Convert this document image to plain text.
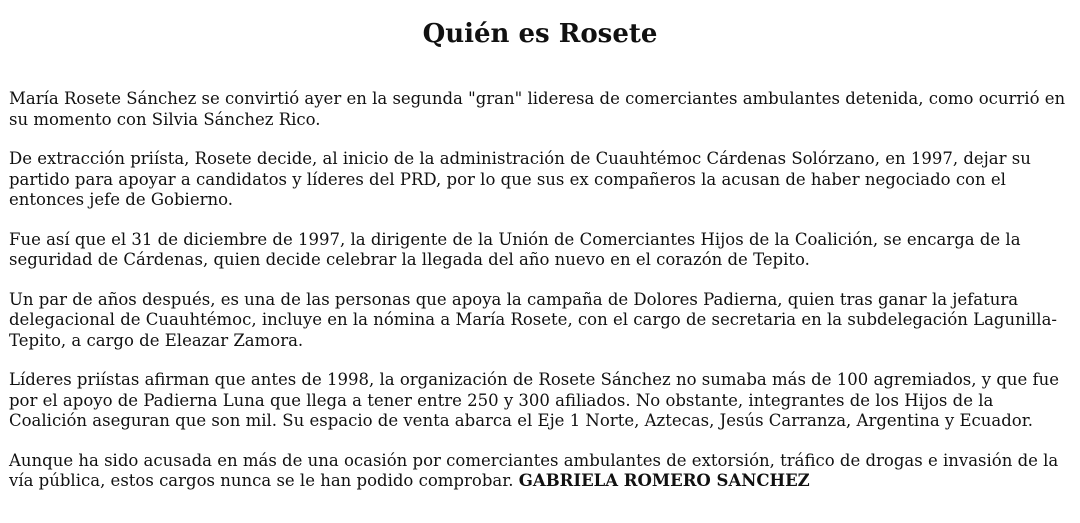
Quién es Rosete

María Rosete Sánchez se convirtió ayer en la segunda "gran" lideresa de comerciantes ambulantes detenida, como ocurrió en su momento con Silvia Sánchez Rico.

De extracción priísta, Rosete decide, al inicio de la administración de Cuauhtémoc Cárdenas Solórzano, en 1997, dejar su partido para apoyar a candidatos y líderes del PRD, por lo que sus ex compañeros la acusan de haber negociado con el entonces jefe de Gobierno.

Fue así que el 31 de diciembre de 1997, la dirigente de la Unión de Comerciantes Hijos de la Coalición, se encarga de la seguridad de Cárdenas, quien decide celebrar la llegada del año nuevo en el corazón de Tepito.

Un par de años después, es una de las personas que apoya la campaña de Dolores Padierna, quien tras ganar la jefatura delegacional de Cuauhtémoc, incluye en la nómina a María Rosete, con el cargo de secretaria en la subdelegación Lagunilla-Tepito, a cargo de Eleazar Zamora.

Líderes priístas afirman que antes de 1998, la organización de Rosete Sánchez no sumaba más de 100 agremiados, y que fue por el apoyo de Padierna Luna que llega a tener entre 250 y 300 afiliados. No obstante, integrantes de los Hijos de la Coalición aseguran que son mil. Su espacio de venta abarca el Eje 1 Norte, Aztecas, Jesús Carranza, Argentina y Ecuador.

Aunque ha sido acusada en más de una ocasión por comerciantes ambulantes de extorsión, tráfico de drogas e invasión de la vía pública, estos cargos nunca se le han podido comprobar. GABRIELA ROMERO SANCHEZ
